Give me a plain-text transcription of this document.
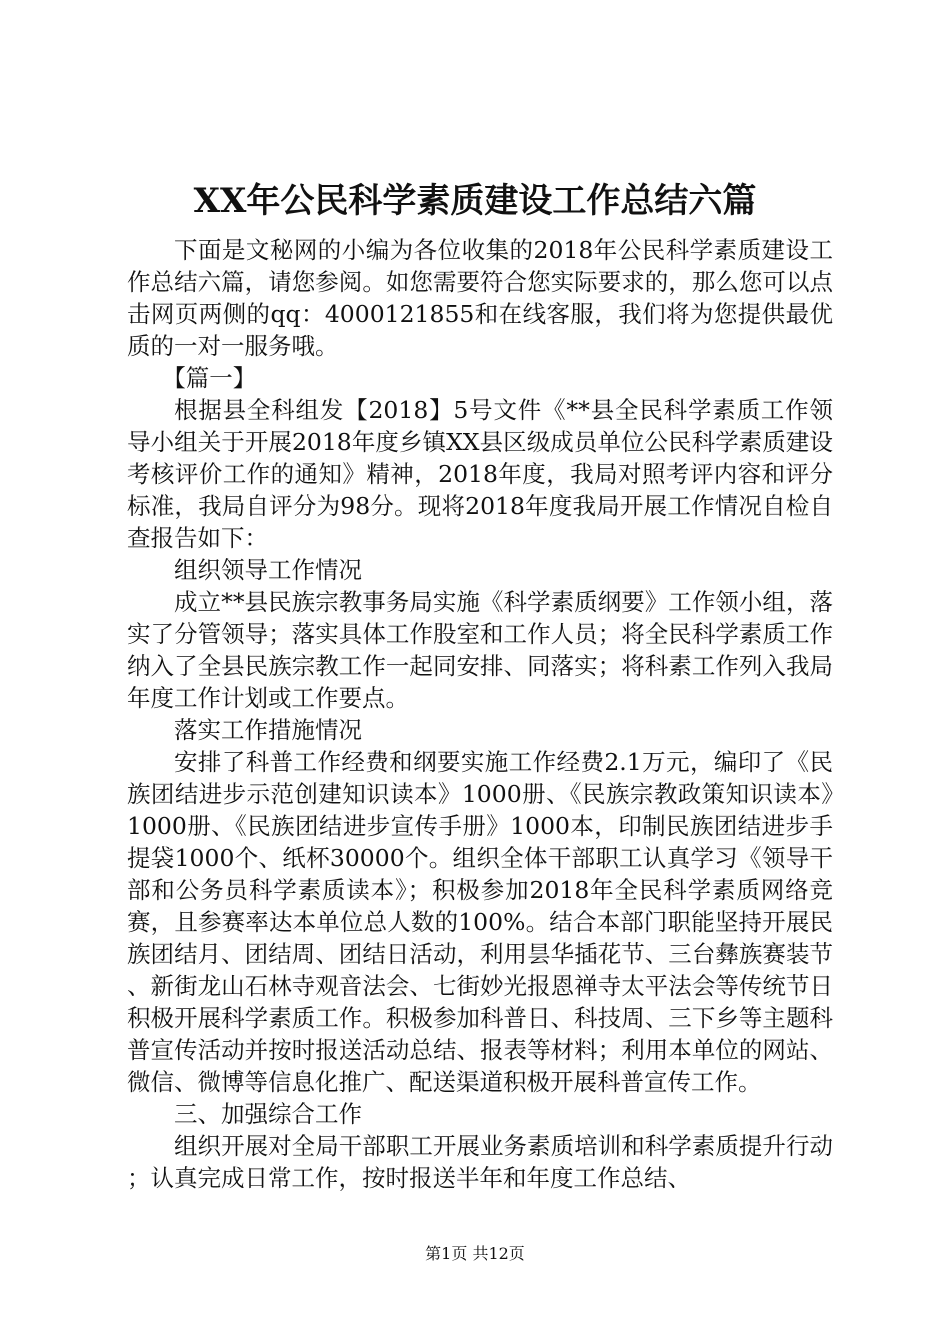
XX年公民科学素质建设工作总结六篇

下面是文秘网的小编为各位收集的2018年公民科学素质建设工作总结六篇，请您参阅。如您需要符合您实际要求的，那么您可以点击网页两侧的qq：4000121855和在线客服，我们将为您提供最优质的一对一服务哦。

【篇一】

根据县全科组发【2018】5号文件《**县全民科学素质工作领导小组关于开展2018年度乡镇XX县区级成员单位公民科学素质建设考核评价工作的通知》精神，2018年度，我局对照考评内容和评分标准，我局自评分为98分。现将2018年度我局开展工作情况自检自查报告如下：

组织领导工作情况

成立**县民族宗教事务局实施《科学素质纲要》工作领小组，落实了分管领导；落实具体工作股室和工作人员；将全民科学素质工作纳入了全县民族宗教工作一起同安排、同落实；将科素工作列入我局年度工作计划或工作要点。

落实工作措施情况

安排了科普工作经费和纲要实施工作经费2.1万元，编印了《民族团结进步示范创建知识读本》1000册、《民族宗教政策知识读本》1000册、《民族团结进步宣传手册》1000本，印制民族团结进步手提袋1000个、纸杯30000个。组织全体干部职工认真学习《领导干部和公务员科学素质读本》；积极参加2018年全民科学素质网络竞赛，且参赛率达本单位总人数的100%。结合本部门职能坚持开展民族团结月、团结周、团结日活动，利用昙华插花节、三台彝族赛装节、新街龙山石林寺观音法会、七街妙光报恩禅寺太平法会等传统节日积极开展科学素质工作。积极参加科普日、科技周、三下乡等主题科普宣传活动并按时报送活动总结、报表等材料；利用本单位的网站、微信、微博等信息化推广、配送渠道积极开展科普宣传工作。

三、加强综合工作

组织开展对全局干部职工开展业务素质培训和科学素质提升行动；认真完成日常工作，按时报送半年和年度工作总结、

第1页 共12页
